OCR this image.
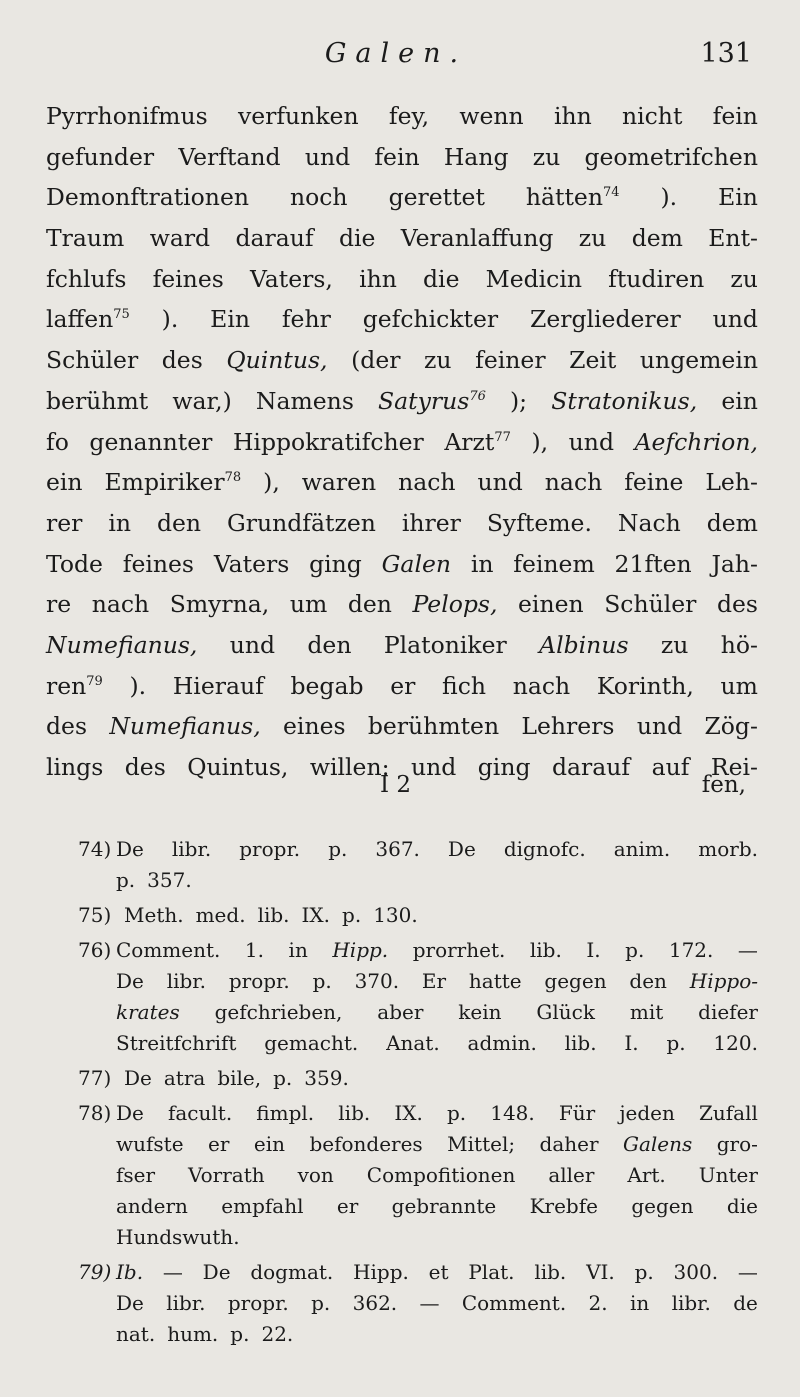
Galen.	131
Pyrrhonifmus verfunken fey, wenn ihn nicht fein
gefunder Verftand und fein Hang zu geometrifchen
Demonftrationen noch gerettet hätten$^{74}$ ). Ein
Traum ward darauf die Veranlaffung zu dem Ent-
fchlufs feines Vaters, ihn die Medicin ftudiren zu
laffen$^{75}$ ). Ein fehr gefchickter Zergliederer und
Schüler des Quintus, (der zu feiner Zeit ungemein
berühmt war,) Namens Satyrus$^{76}$ ); Stratonikus, ein
fo genannter Hippokratifcher Arzt$^{77}$ ), und Aefchrion,
ein Empiriker$^{78}$ ), waren nach und nach feine Leh-
rer in den Grundfätzen ihrer Syfteme. Nach dem
Tode feines Vaters ging Galen in feinem 21ften Jah-
re nach Smyrna, um den Pelops, einen Schüler des
Numefianus, und den Platoniker Albinus zu hö-
ren$^{79}$ ). Hierauf begab er fich nach Korinth, um
des Numefianus, eines berühmten Lehrers und Zög-
lings des Quintus, willen: und ging darauf auf Rei-
I 2	fen,
74) De libr. propr. p. 367. De dignofc. anim. morb.
p. 357.
75) Meth. med. lib. IX. p. 130.
76) Comment. 1. in Hipp. prorrhet. lib. I. p. 172. —
De libr. propr. p. 370. Er hatte gegen den Hippo-
krates gefchrieben, aber kein Glück mit diefer
Streitfchrift gemacht. Anat. admin. lib. I. p. 120.
77) De atra bile, p. 359.
78) De facult. fimpl. lib. IX. p. 148. Für jeden Zufall
wufste er ein befonderes Mittel; daher Galens gro-
fser Vorrath von Compofitionen aller Art. Unter
andern empfahl er gebrannte Krebfe gegen die
Hundswuth.
79) Ib. — De dogmat. Hipp. et Plat. lib. VI. p. 300. —
De libr. propr. p. 362. — Comment. 2. in libr. de
nat. hum. p. 22.
